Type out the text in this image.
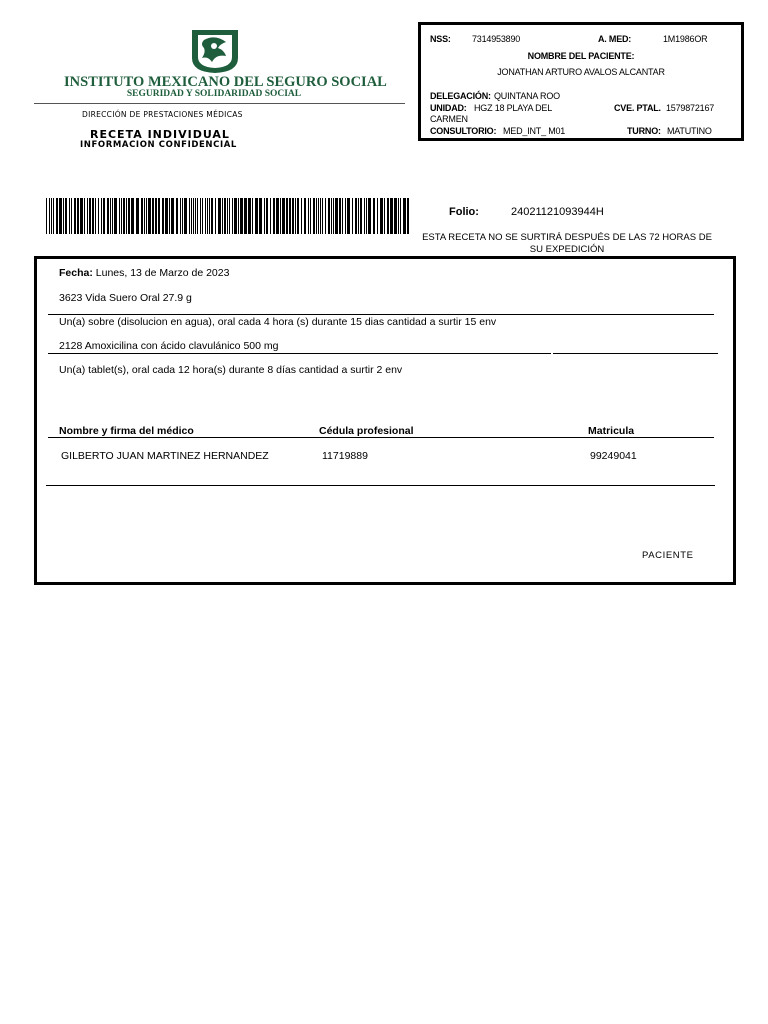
INSTITUTO MEXICANO DEL SEGURO SOCIAL
SEGURIDAD Y SOLIDARIDAD SOCIAL
DIRECCIÓN DE PRESTACIONES MÉDICAS
RECETA INDIVIDUAL
INFORMACION CONFIDENCIAL
NSS: 7314953890	A. MED:	1M1986OR
NOMBRE DEL PACIENTE:
JONATHAN ARTURO AVALOS ALCANTAR
DELEGACIÓN: QUINTANA ROO
UNIDAD: HGZ 18 PLAYA DEL
CARMEN
CVE. PTAL. 1579872167
CONSULTORIO: MED_INT_ M01	TURNO: MATUTINO
Folio:	24021121093944H
ESTA RECETA NO SE SURTIRÁ DESPUÉS DE LAS 72 HORAS DE SU EXPEDICIÓN
Fecha: Lunes, 13 de Marzo de 2023
3623 Vida Suero Oral 27.9 g
Un(a) sobre (disolucion en agua), oral cada 4 hora (s) durante 15 dias cantidad a surtir 15 env
2128 Amoxicilina con ácido clavulánico 500 mg
Un(a) tablet(s), oral cada 12 hora(s) durante 8 días cantidad a surtir 2 env
Nombre y firma del médico	Cédula profesional	Matricula
GILBERTO JUAN MARTINEZ HERNANDEZ	11719889	99249041
PACIENTE
